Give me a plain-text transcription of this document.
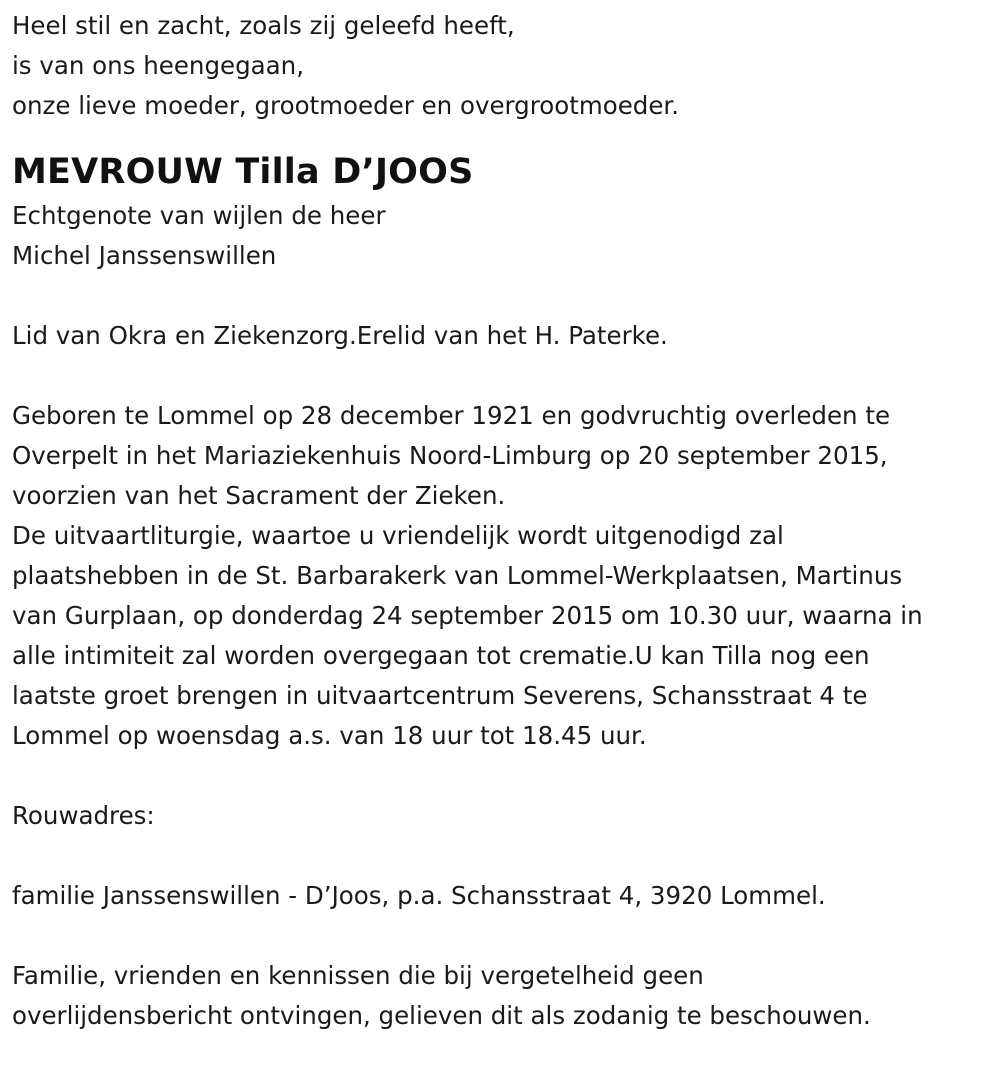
Heel stil en zacht, zoals zij geleefd heeft,
is van ons heengegaan,
onze lieve moeder, grootmoeder en overgrootmoeder.
MEVROUW Tilla D’JOOS
Echtgenote van wijlen de heer
Michel Janssenswillen
Lid van Okra en Ziekenzorg.Erelid van het H. Paterke.
Geboren te Lommel op 28 december 1921 en godvruchtig overleden te
Overpelt in het Mariaziekenhuis Noord-Limburg op 20 september 2015,
voorzien van het Sacrament der Zieken.
De uitvaartliturgie, waartoe u vriendelijk wordt uitgenodigd zal
plaatshebben in de St. Barbarakerk van Lommel-Werkplaatsen, Martinus
van Gurplaan, op donderdag 24 september 2015 om 10.30 uur, waarna in
alle intimiteit zal worden overgegaan tot crematie.U kan Tilla nog een
laatste groet brengen in uitvaartcentrum Severens, Schansstraat 4 te
Lommel op woensdag a.s. van 18 uur tot 18.45 uur.
Rouwadres:
familie Janssenswillen - D’Joos, p.a. Schansstraat 4, 3920 Lommel.
Familie, vrienden en kennissen die bij vergetelheid geen
overlijdensbericht ontvingen, gelieven dit als zodanig te beschouwen.
